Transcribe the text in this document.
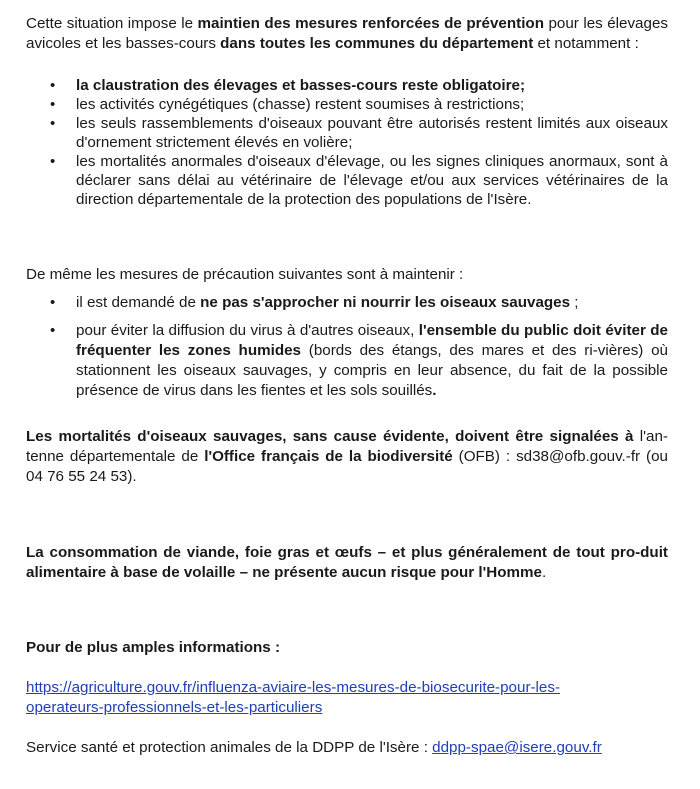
Cette situation impose le maintien des mesures renforcées de prévention pour les élevages avicoles et les basses-cours dans toutes les communes du département et notamment :

• la claustration des élevages et basses-cours reste obligatoire;
• les activités cynégétiques (chasse) restent soumises à restrictions;
• les seuls rassemblements d'oiseaux pouvant être autorisés restent limités aux oiseaux d'ornement strictement élevés en volière;
• les mortalités anormales d'oiseaux d'élevage, ou les signes cliniques anormaux, sont à déclarer sans délai au vétérinaire de l'élevage et/ou aux services vétérinaires de la direction départementale de la protection des populations de l'Isère.

De même les mesures de précaution suivantes sont à maintenir :

• il est demandé de ne pas s'approcher ni nourrir les oiseaux sauvages ;
• pour éviter la diffusion du virus à d'autres oiseaux, l'ensemble du public doit éviter de fréquenter les zones humides (bords des étangs, des mares et des ri-vières) où stationnent les oiseaux sauvages, y compris en leur absence, du fait de la possible présence de virus dans les fientes et les sols souillés.

Les mortalités d'oiseaux sauvages, sans cause évidente, doivent être signalées à l'an-tenne départementale de l'Office français de la biodiversité (OFB) : sd38@ofb.gouv.-fr (ou 04 76 55 24 53).

La consommation de viande, foie gras et œufs – et plus généralement de tout pro-duit alimentaire à base de volaille – ne présente aucun risque pour l'Homme.

Pour de plus amples informations :

https://agriculture.gouv.fr/influenza-aviaire-les-mesures-de-biosecurite-pour-les-
operateurs-professionnels-et-les-particuliers

Service santé et protection animales de la DDPP de l'Isère : ddpp-spae@isere.gouv.fr
